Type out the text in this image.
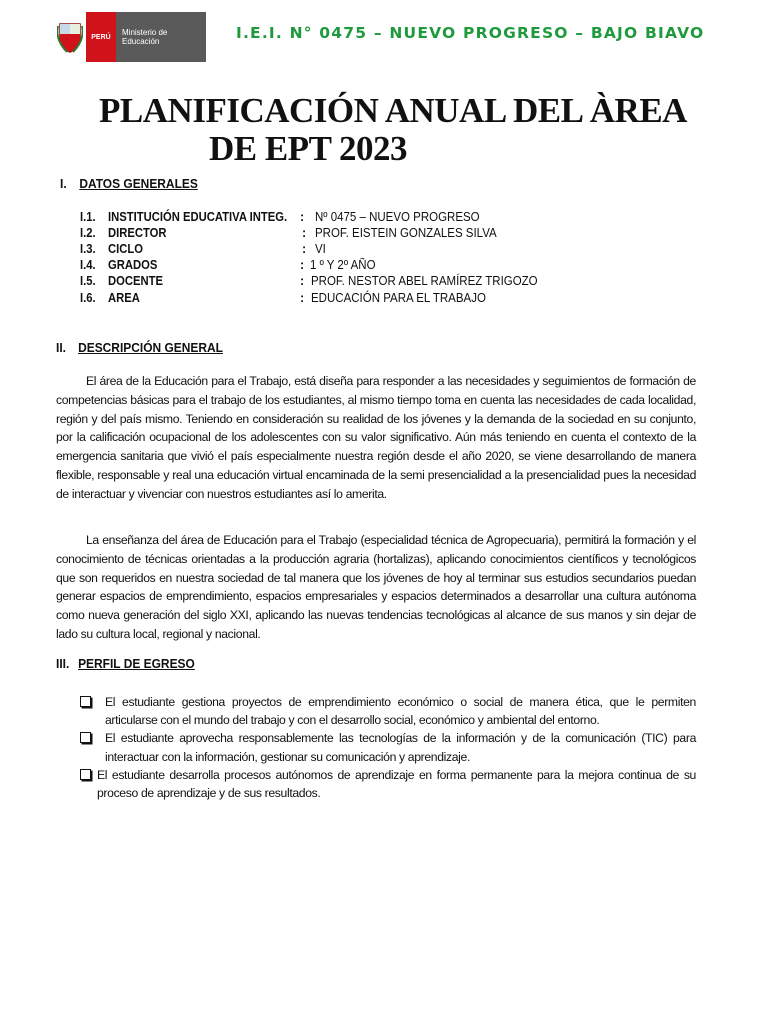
PERÚ	Ministerio de Educación	I.E.I. N° 0475 – NUEVO PROGRESO – BAJO BIAVO
PLANIFICACIÓN ANUAL DEL ÀREA
DE EPT 2023
I. DATOS GENERALES
I.1. INSTITUCIÓN EDUCATIVA INTEG. : Nº 0475 – NUEVO PROGRESO
I.2. DIRECTOR	: PROF. EISTEIN GONZALES SILVA
I.3. CICLO	: VI
I.4. GRADOS	: 1 º Y 2º AÑO
I.5. DOCENTE	: PROF. NESTOR ABEL RAMÍREZ TRIGOZO
I.6. AREA	: EDUCACIÓN PARA EL TRABAJO
II. DESCRIPCIÓN GENERAL

El área de la Educación para el Trabajo, está diseña para responder a las necesidades y seguimientos de formación de competencias básicas para el trabajo de los estudiantes, al mismo tiempo toma en cuenta las necesidades de cada localidad, región y del país mismo. Teniendo en consideración su realidad de los jóvenes y la demanda de la sociedad en su conjunto, por la calificación ocupacional de los adolescentes con su valor significativo. Aún más teniendo en cuenta el contexto de la emergencia sanitaria que vivió el país especialmente nuestra región desde el año 2020, se viene desarrollando de manera flexible, responsable y real una educación virtual encaminada de la semi presencialidad a la presencialidad pues la necesidad de interactuar y vivenciar con nuestros estudiantes así lo amerita.

La enseñanza del área de Educación para el Trabajo (especialidad técnica de Agropecuaria), permitirá la formación y el conocimiento de técnicas orientadas a la producción agraria (hortalizas), aplicando conocimientos científicos y tecnológicos que son requeridos en nuestra sociedad de tal manera que los jóvenes de hoy al terminar sus estudios secundarios puedan generar espacios de emprendimiento, espacios empresariales y espacios determinados a desarrollar una cultura autónoma como nueva generación del siglo XXI, aplicando las nuevas tendencias tecnológicas al alcance de sus manos y sin dejar de lado su cultura local, regional y nacional.

III. PERFIL DE EGRESO
El estudiante gestiona proyectos de emprendimiento económico o social de manera ética, que le permiten articularse con el mundo del trabajo y con el desarrollo social, económico y ambiental del entorno.
El estudiante aprovecha responsablemente las tecnologías de la información y de la comunicación (TIC) para interactuar con la información, gestionar su comunicación y aprendizaje.
El estudiante desarrolla procesos autónomos de aprendizaje en forma permanente para la mejora continua de su proceso de aprendizaje y de sus resultados.
